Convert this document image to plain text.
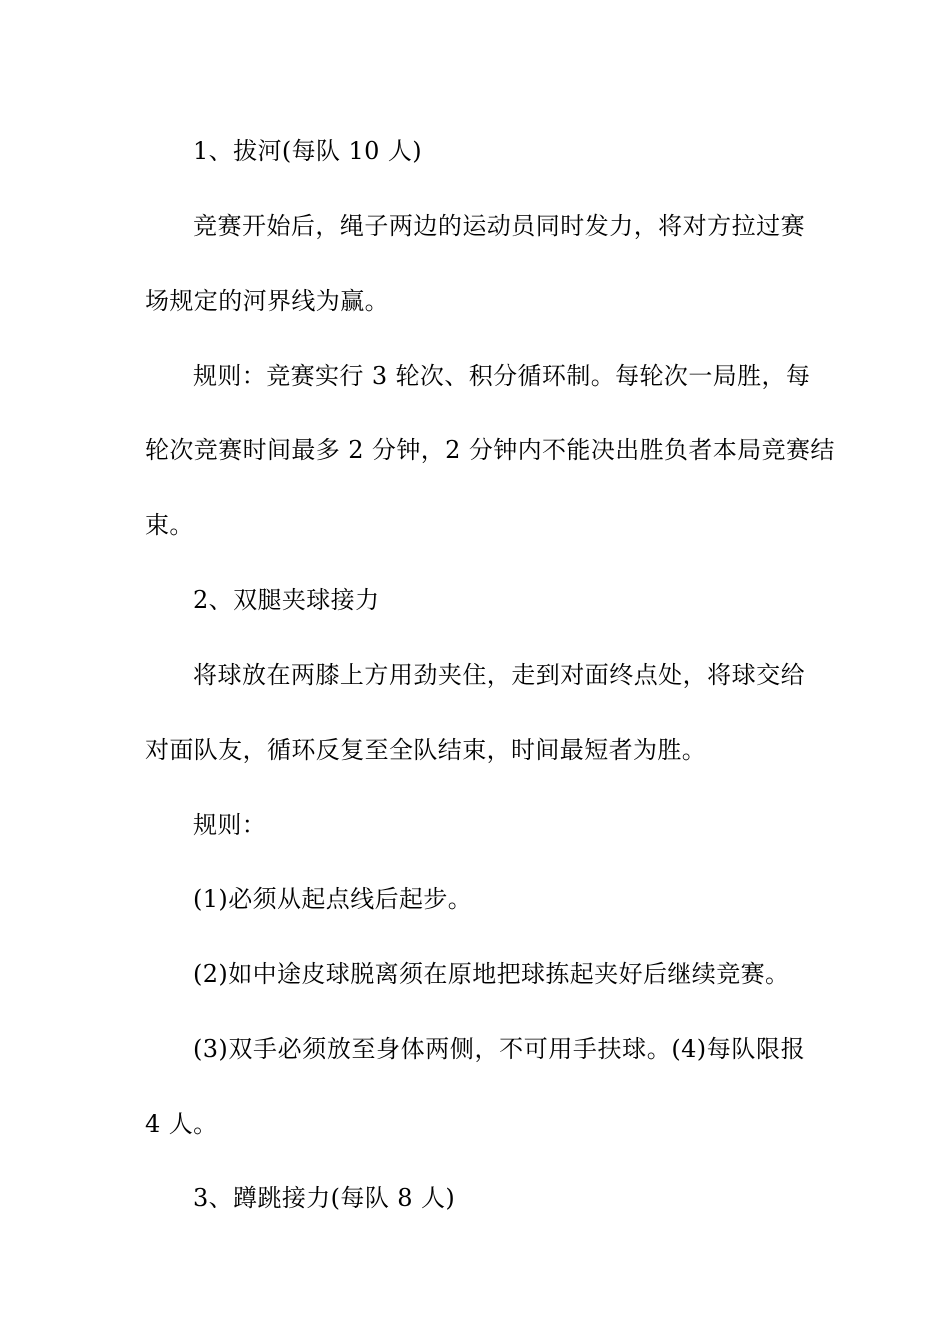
1、拔河(每队 10 人)
竞赛开始后，绳子两边的运动员同时发力，将对方拉过赛
场规定的河界线为赢。
规则：竞赛实行 3 轮次、积分循环制。每轮次一局胜，每
轮次竞赛时间最多 2 分钟，2 分钟内不能决出胜负者本局竞赛结
束。
2、双腿夹球接力
将球放在两膝上方用劲夹住，走到对面终点处，将球交给
对面队友，循环反复至全队结束，时间最短者为胜。
规则：
(1)必须从起点线后起步。
(2)如中途皮球脱离须在原地把球拣起夹好后继续竞赛。
(3)双手必须放至身体两侧，不可用手扶球。(4)每队限报
4 人。
3、蹲跳接力(每队 8 人)
